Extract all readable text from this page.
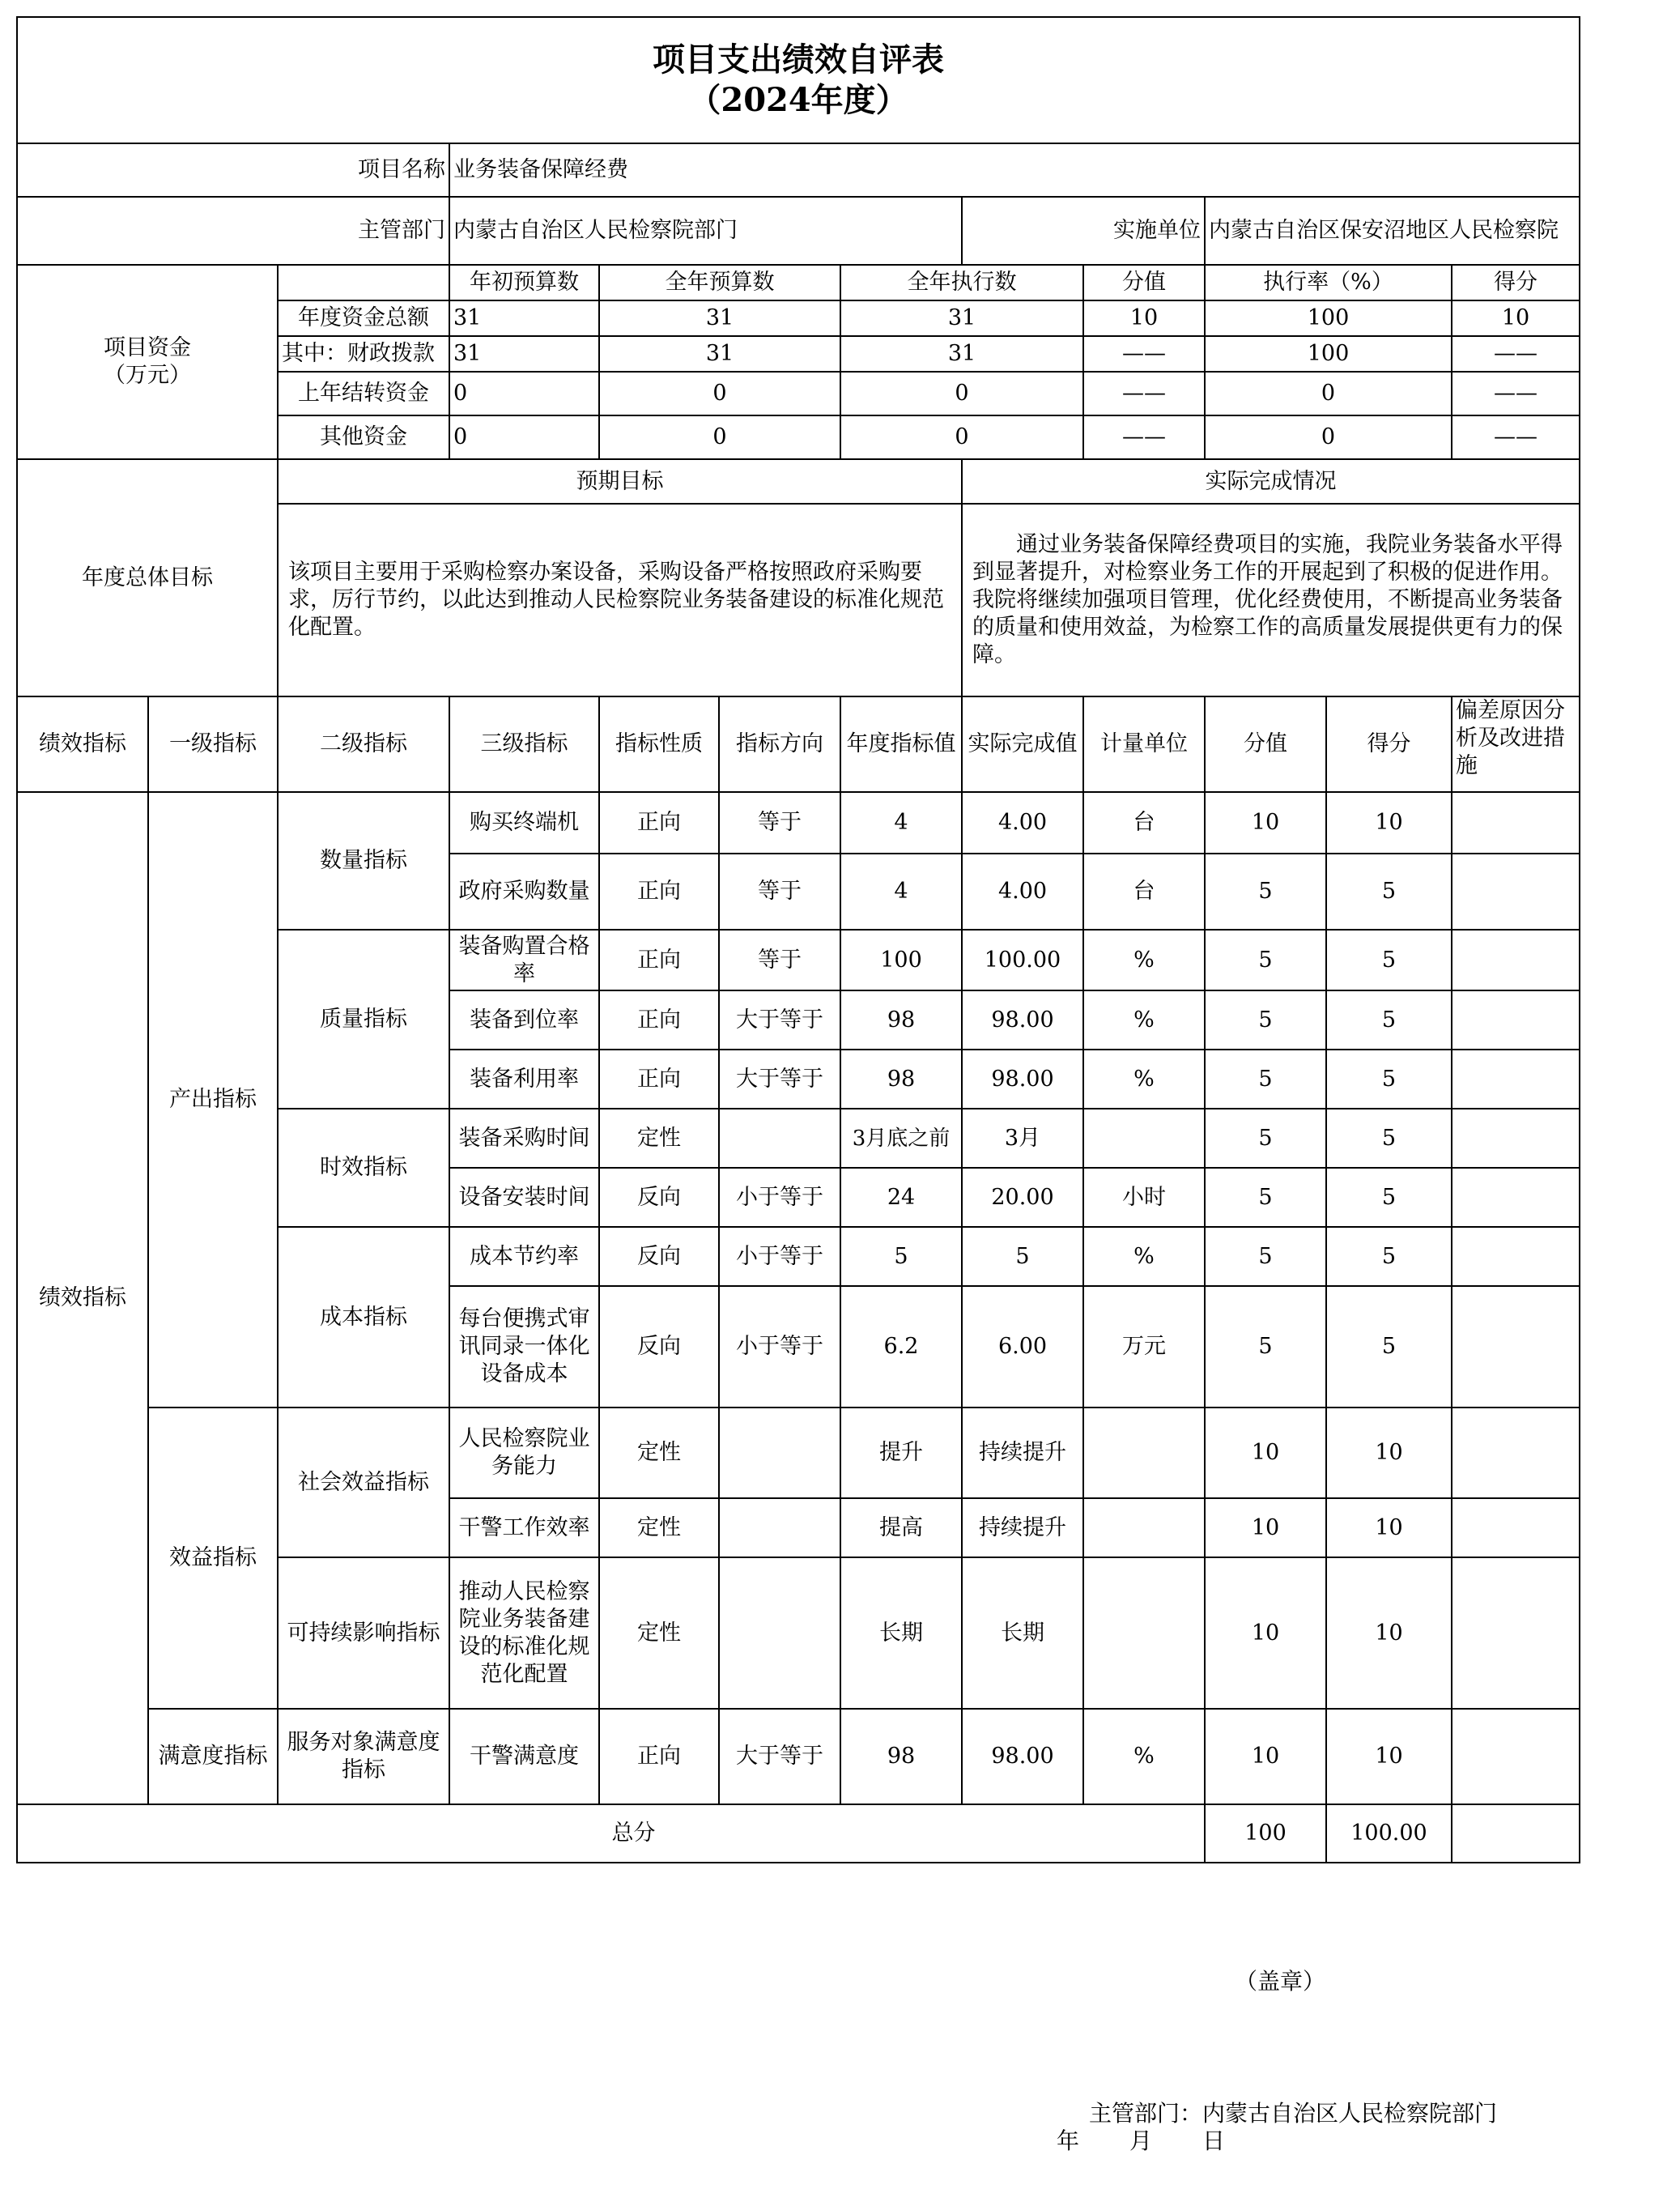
项目支出绩效自评表
（2024年度）											

项目名称			业务装备保障经费								
主管部门			内蒙古自治区人民检察院部门				实施单位		内蒙古自治区保安沼地区人民检察院		
项目资金
（万元）			年初预算数	全年预算数		全年执行数		分值	执行率（%）		得分
		年度资金总额	31	31		31		10	100		10
		其中：财政拨款	31	31		31		——	100		——
		上年结转资金	0	0		0		——	0		——
		其他资金	0	0		0		——	0		——
年度总体目标		预期目标					实际完成情况				

		该项目主要用于采购检察办案设备，采购设备严格按照政府采购要求，厉行节约，以此达到推动人民检察院业务装备建设的标准化规范化配置。					通过业务装备保障经费项目的实施，我院业务装备水平得到显著提升，对检察业务工作的开展起到了积极的促进作用。我院将继续加强项目管理，优化经费使用，不断提高业务装备的质量和使用效益，为检察工作的高质量发展提供更有力的保障。				

绩效指标	一级指标	二级指标	三级指标	指标性质	指标方向	年度指标值	实际完成值	计量单位	分值	得分	偏差原因分析及改进措施
绩效指标	产出指标	数量指标	购买终端机	正向	等于	4	4.00	台	10	10	
			政府采购数量	正向	等于	4	4.00	台	5	5	
		质量指标	装备购置合格率	正向	等于	100	100.00	%	5	5	
			装备到位率	正向	大于等于	98	98.00	%	5	5	
			装备利用率	正向	大于等于	98	98.00	%	5	5	
		时效指标	装备采购时间	定性		3月底之前	3月		5	5	
			设备安装时间	反向	小于等于	24	20.00	小时	5	5	
		成本指标	成本节约率	反向	小于等于	5	5	%	5	5	
			每台便携式审讯同录一体化设备成本	反向	小于等于	6.2	6.00	万元	5	5	
	效益指标	社会效益指标	人民检察院业务能力	定性		提升	持续提升		10	10	
			干警工作效率	定性		提高	持续提升		10	10	
		可持续影响指标	推动人民检察院业务装备建设的标准化规范化配置	定性		长期	长期		10	10	
	满意度指标	服务对象满意度指标	干警满意度	正向	大于等于	98	98.00	%	10	10	
总分									100	100.00	
（盖章）
主管部门：内蒙古自治区人民检察院部门
年　　月　　日
